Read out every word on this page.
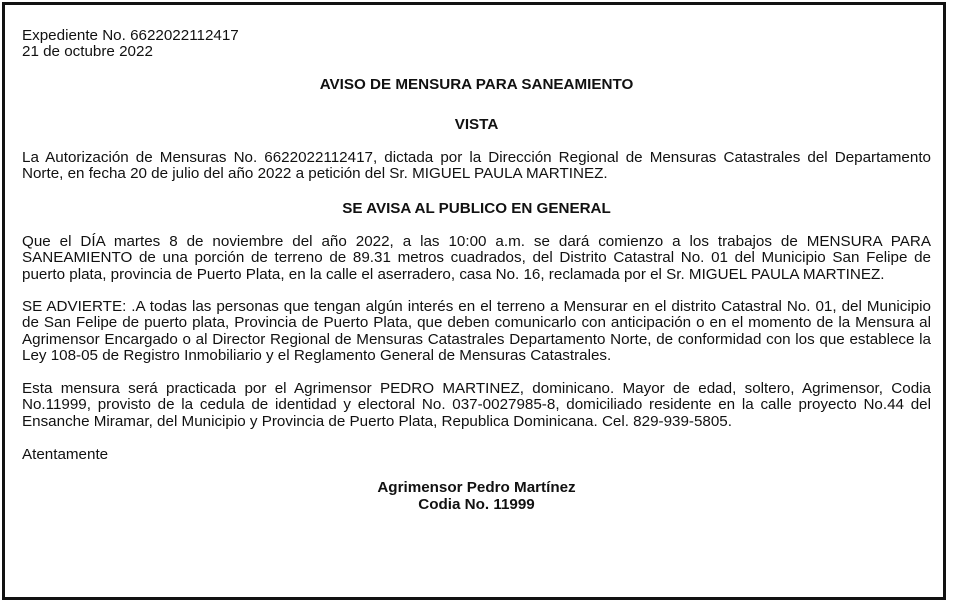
Expediente No. 6622022112417

21 de octubre 2022

AVISO DE MENSURA PARA SANEAMIENTO

VISTA

La Autorización de Mensuras No. 6622022112417, dictada por la Dirección Regional de Mensuras Catastrales del Departamento Norte, en fecha 20 de julio del año 2022 a petición del Sr. MIGUEL PAULA MARTINEZ.

SE AVISA AL PUBLICO EN GENERAL

Que el DÍA martes 8 de noviembre del año 2022, a las 10:00 a.m. se dará comienzo a los trabajos de MENSURA PARA SANEAMIENTO de una porción de terreno de 89.31 metros cuadrados, del Distrito Catastral No. 01 del Municipio San Felipe de puerto plata, provincia de Puerto Plata, en la calle el aserradero, casa No. 16, reclamada por el Sr. MIGUEL PAULA MARTINEZ.

SE ADVIERTE: .A todas las personas que tengan algún interés en el terreno a Mensurar en el distrito Catastral No. 01, del Municipio de San Felipe de puerto plata, Provincia de Puerto Plata, que deben comunicarlo con anticipación o en el momento de la Mensura al Agrimensor Encargado o al Director Regional de Mensuras Catastrales Departamento Norte, de conformidad con los que establece la Ley 108-05 de Registro Inmobiliario y el Reglamento General de Mensuras Catastrales.

Esta mensura será practicada por el Agrimensor PEDRO MARTINEZ, dominicano. Mayor de edad, soltero, Agrimensor, Codia No.11999, provisto de la cedula de identidad y electoral No. 037-0027985-8, domiciliado residente en la calle proyecto No.44 del Ensanche Miramar, del Municipio y Provincia de Puerto Plata, Republica Dominicana. Cel. 829-939-5805.

Atentamente

Agrimensor Pedro Martínez

Codia No. 11999
